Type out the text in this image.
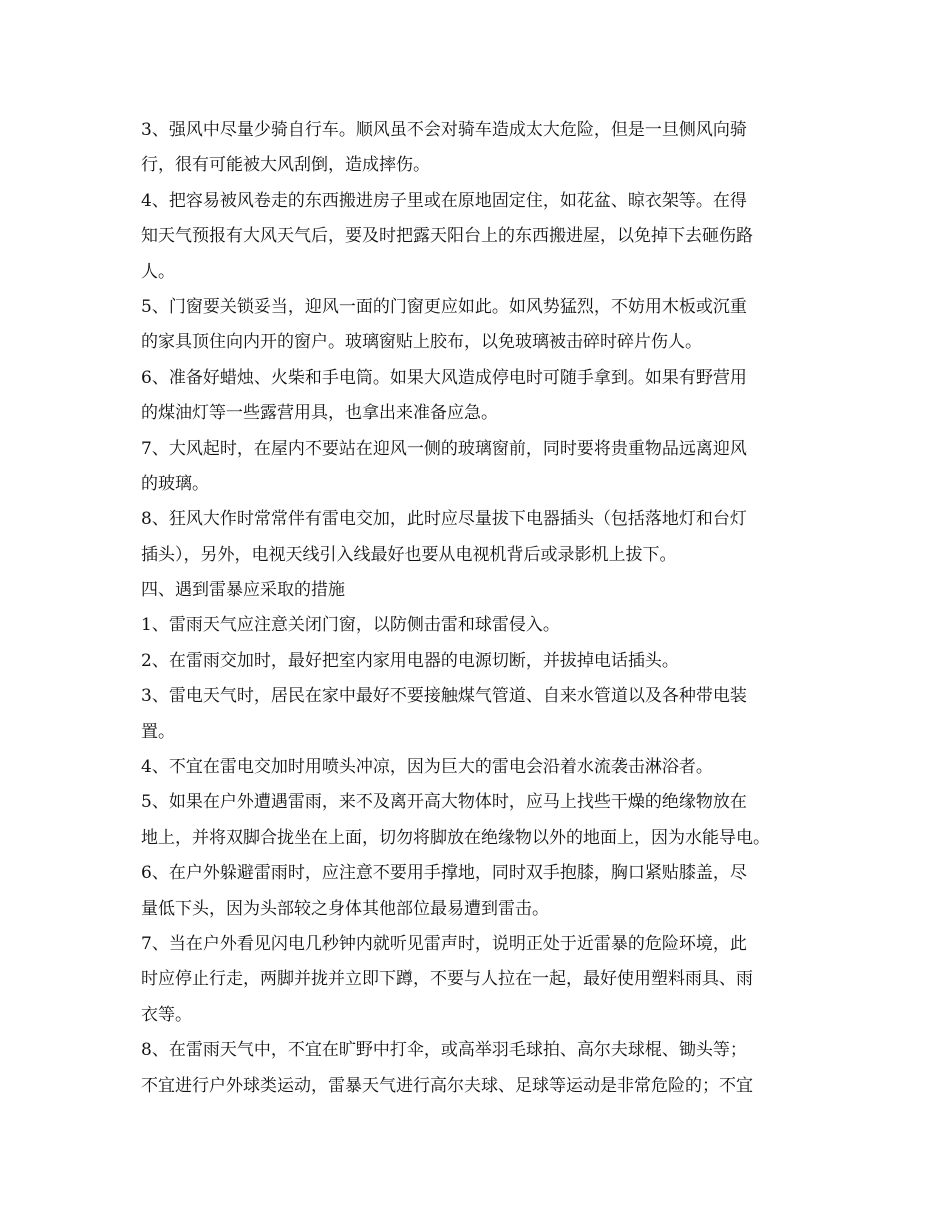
3、强风中尽量少骑自行车。顺风虽不会对骑车造成太大危险，但是一旦侧风向骑
行，很有可能被大风刮倒，造成摔伤。
4、把容易被风卷走的东西搬进房子里或在原地固定住，如花盆、晾衣架等。在得
知天气预报有大风天气后，要及时把露天阳台上的东西搬进屋，以免掉下去砸伤路
人。
5、门窗要关锁妥当，迎风一面的门窗更应如此。如风势猛烈，不妨用木板或沉重
的家具顶住向内开的窗户。玻璃窗贴上胶布，以免玻璃被击碎时碎片伤人。
6、准备好蜡烛、火柴和手电筒。如果大风造成停电时可随手拿到。如果有野营用
的煤油灯等一些露营用具，也拿出来准备应急。
7、大风起时，在屋内不要站在迎风一侧的玻璃窗前，同时要将贵重物品远离迎风
的玻璃。
8、狂风大作时常常伴有雷电交加，此时应尽量拔下电器插头（包括落地灯和台灯
插头），另外，电视天线引入线最好也要从电视机背后或录影机上拔下。
四、遇到雷暴应采取的措施
1、雷雨天气应注意关闭门窗，以防侧击雷和球雷侵入。
2、在雷雨交加时，最好把室内家用电器的电源切断，并拔掉电话插头。
3、雷电天气时，居民在家中最好不要接触煤气管道、自来水管道以及各种带电装
置。
4、不宜在雷电交加时用喷头冲凉，因为巨大的雷电会沿着水流袭击淋浴者。
5、如果在户外遭遇雷雨，来不及离开高大物体时，应马上找些干燥的绝缘物放在
地上，并将双脚合拢坐在上面，切勿将脚放在绝缘物以外的地面上，因为水能导电。
6、在户外躲避雷雨时，应注意不要用手撑地，同时双手抱膝，胸口紧贴膝盖，尽
量低下头，因为头部较之身体其他部位最易遭到雷击。
7、当在户外看见闪电几秒钟内就听见雷声时，说明正处于近雷暴的危险环境，此
时应停止行走，两脚并拢并立即下蹲，不要与人拉在一起，最好使用塑料雨具、雨
衣等。
8、在雷雨天气中，不宜在旷野中打伞，或高举羽毛球拍、高尔夫球棍、锄头等；
不宜进行户外球类运动，雷暴天气进行高尔夫球、足球等运动是非常危险的；不宜
